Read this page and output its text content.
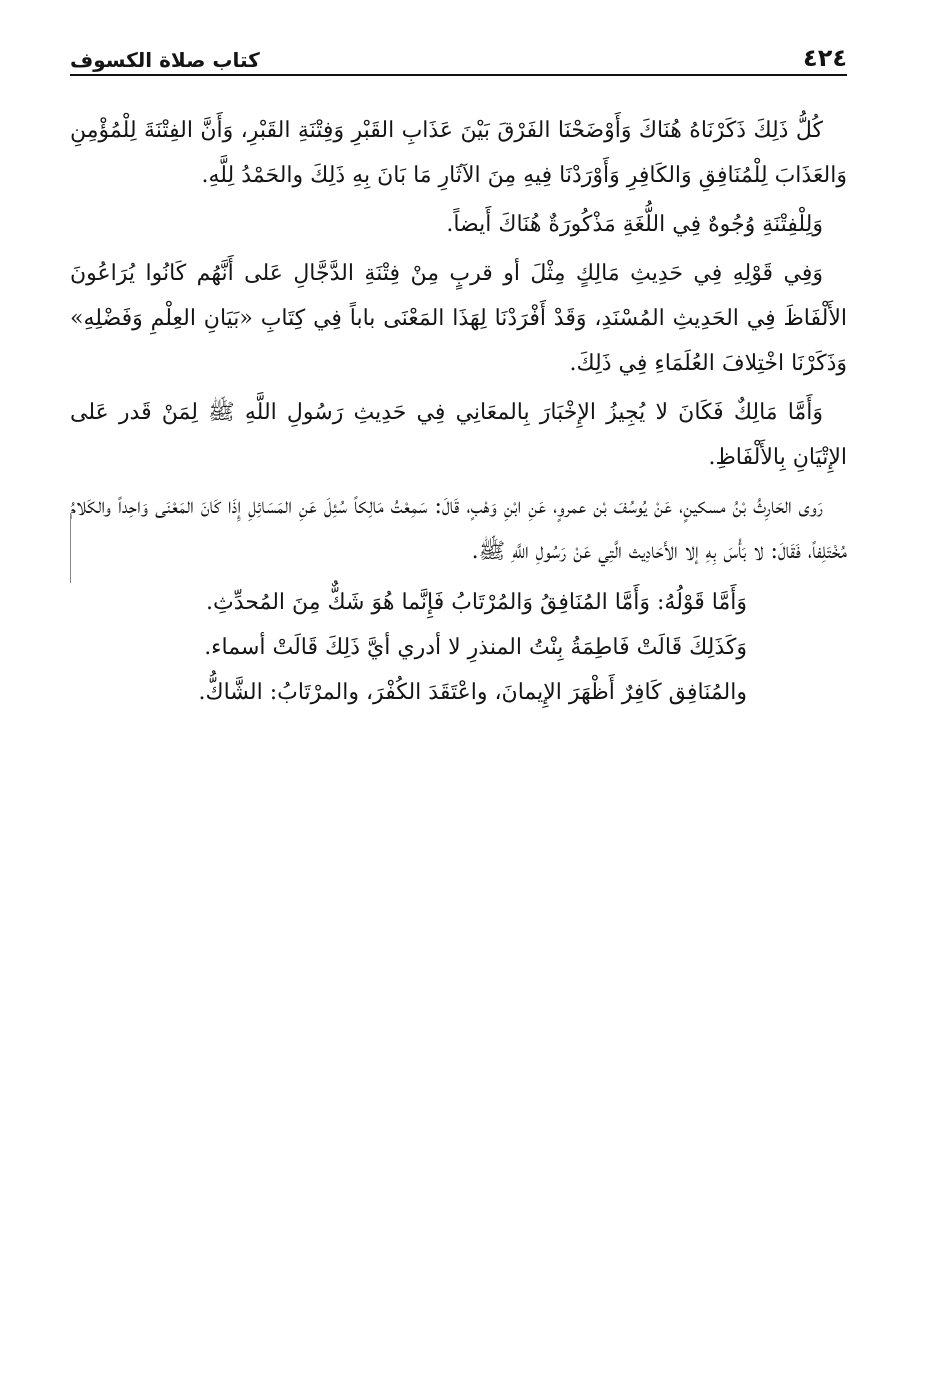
٤٢٤
كتاب صلاة الكسوف

كُلُّ ذَلِكَ ذَكَرْنَاهُ هُنَاكَ وَأَوْضَحْنَا الفَرْقَ بَيْنَ عَذَابِ القَبْرِ وَفِتْنَةِ القَبْرِ، وَأَنَّ الفِتْنَةَ لِلْمُؤْمِنِ وَالعَذَابَ لِلْمُنَافِقِ وَالكَافِرِ وَأَوْرَدْنَا فِيهِ مِنَ الآثَارِ مَا بَانَ بِهِ ذَلِكَ والحَمْدُ لِلَّهِ.

وَلِلْفِتْنَةِ وُجُوهٌ فِي اللُّغَةِ مَذْكُورَةٌ هُنَاكَ أَيضاً.

وَفِي قَوْلِهِ فِي حَدِيثِ مَالِكٍ مِثْلَ أو قربٍ مِنْ فِتْنَةِ الدَّجَّالِ عَلى أَنَّهُم كَانُوا يُرَاعُونَ الأَلْفَاظَ فِي الحَدِيثِ المُسْنَدِ، وَقَدْ أَفْرَدْنَا لِهَذَا المَعْنَى باباً فِي كِتَابِ «بَيَانِ العِلْمِ وَفَضْلِهِ» وَذَكَرْنَا اخْتِلافَ العُلَمَاءِ فِي ذَلِكَ.

وَأَمَّا مَالِكٌ فَكَانَ لا يُجِيزُ الإِخْبَارَ بِالمعَانِي فِي حَدِيثِ رَسُولِ اللَّهِ ﷺ لِمَنْ قَدر عَلى الإِتْيَانِ بِالأَلْفَاظِ.

رَوى الحَارِثُ بْنُ مسكينٍ، عَنْ يُوسُفَ بْن عمروٍ، عَنِ ابْنِ وَهْبٍ، قَالَ: سَمِعْتُ مَالِكاً سُئِلَ عَنِ المَسَائِلِ إِذَا كَانَ المَعْنَى وَاحِداً والكَلامُ مُخْتَلِفاً، فَقَالَ: لا بَأْسَ بِهِ إلا الأَحَادِيث الَّتِي عَنْ رَسُولِ اللَّهِ ﷺ.

وَأَمَّا قَوْلُهُ: وَأَمَّا المُنَافِقُ وَالمُرْتَابُ فَإِنَّما هُوَ شَكٌّ مِنَ المُحدِّثِ.

وَكَذَلِكَ قَالَتْ فَاطِمَةُ بِنْتُ المنذرِ لا أدري أيَّ ذَلِكَ قَالَتْ أسماء.

والمُنَافِق كَافِرٌ أَظْهَرَ الإِيمانَ، واعْتَقَدَ الكُفْرَ، والمرْتَابُ: الشَّاكُّ.
